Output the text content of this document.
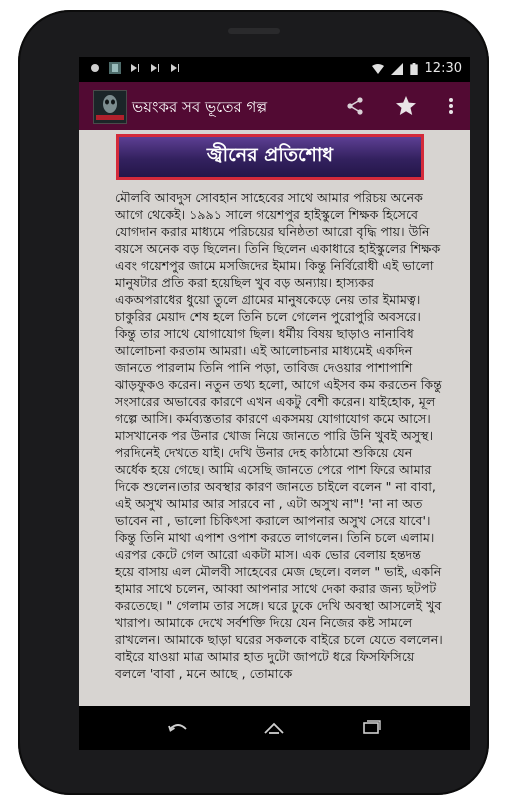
12:30
ভয়ংকর সব ভূতের গল্প
জ্বীনের প্রতিশোধ

মৌলবি আবদুস সোবহান সাহেবের সাথে আমার পরিচয় অনেক আগে থেকেই। ১৯৯১ সালে গয়েশপুর হাইস্কুলে শিক্ষক হিসেবে যোগদান করার মাধ্যমে পরিচয়ের ঘনিষ্ঠতা আরো বৃদ্ধি পায়। উনি বয়সে অনেক বড় ছিলেন। তিনি ছিলেন একাধারে হাইস্কুলের শিক্ষক এবং গয়েশপুর জামে মসজিদের ইমাম। কিন্তু নির্বিরোধী এই ভালো মানুষটার প্রতি করা হয়েছিল খুব বড় অন্যায়। হাস্যকর একঅপরাধের ধুয়ো তুলে গ্রামের মানুষকেড়ে নেয় তার ইমামত্ব। চাকুরির মেয়াদ শেষ হলে তিনি চলে গেলেন পুরোপুরি অবসরে। কিন্তু তার সাথে যোগাযোগ ছিল। ধর্মীয় বিষয় ছাড়াও নানাবিধ আলোচনা করতাম আমরা। এই আলোচনার মাধ্যমেই একদিন জানতে পারলাম তিনি পানি পড়া, তাবিজ দেওয়ার পাশাপাশি ঝাড়ফুকও করেন। নতুন তথ্য হলো, আগে এইসব কম করতেন কিন্তু সংসারের অভাবের কারণে এখন একটু বেশী করেন। যাইহোক, মূল গল্পে আসি। কর্মব্যস্ততার কারণে একসময় যোগাযোগ কমে আসে। মাসখানেক পর উনার খোজ নিয়ে জানতে পারি উনি খুবই অসুস্থ। পরদিনেই দেখতে যাই। দেখি উনার দেহ কাঠামো শুকিয়ে যেন অর্ধেক হয়ে গেছে। আমি এসেছি জানতে পেরে পাশ ফিরে আমার দিকে শুলেন।তার অবস্থার কারণ জানতে চাইলে বলেন " না বাবা, এই অসুখ আমার আর সারবে না , এটা অসুখ না"! 'না না অত ভাবেন না , ভালো চিকিৎসা করালে আপনার অসুখ সেরে যাবে'। কিন্তু তিনি মাথা এপাশ ওপাশ করতে লাগলেন। তিনি চলে এলাম। এরপর কেটে গেল আরো একটা মাস। এক ভোর বেলায় হন্তদন্ত হয়ে বাসায় এল মৌলবী সাহেবের মেজ ছেলে। বলল " ভাই, একনি হামার সাথে চলেন, আব্বা আপনার সাথে দেকা করার জন্য ছটপট করতেছে। " গেলাম তার সঙ্গে। ঘরে ঢুকে দেখি অবস্থা আসলেই খুব খারাপ। আমাকে দেখে সর্বশক্তি দিয়ে যেন নিজের কষ্ট সামলে রাখলেন। আমাকে ছাড়া ঘরের সকলকে বাইরে চলে যেতে বললেন। বাইরে যাওয়া মাত্র আমার হাত দুটো জাপটে ধরে ফিসফিসিয়ে বললে 'বাবা , মনে আছে , তোমাকে
